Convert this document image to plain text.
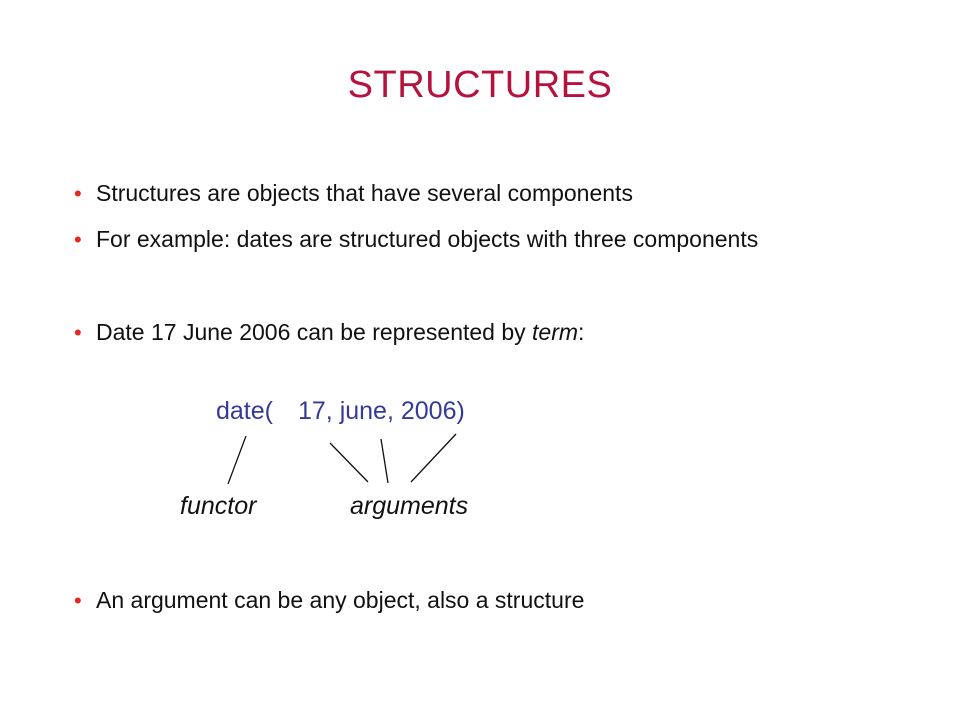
STRUCTURES
• Structures are objects that have several components
• For example: dates are structured objects with three components
• Date 17 June 2006 can be represented by term:
date( 17, june, 2006)
functor	arguments
• An argument can be any object, also a structure
